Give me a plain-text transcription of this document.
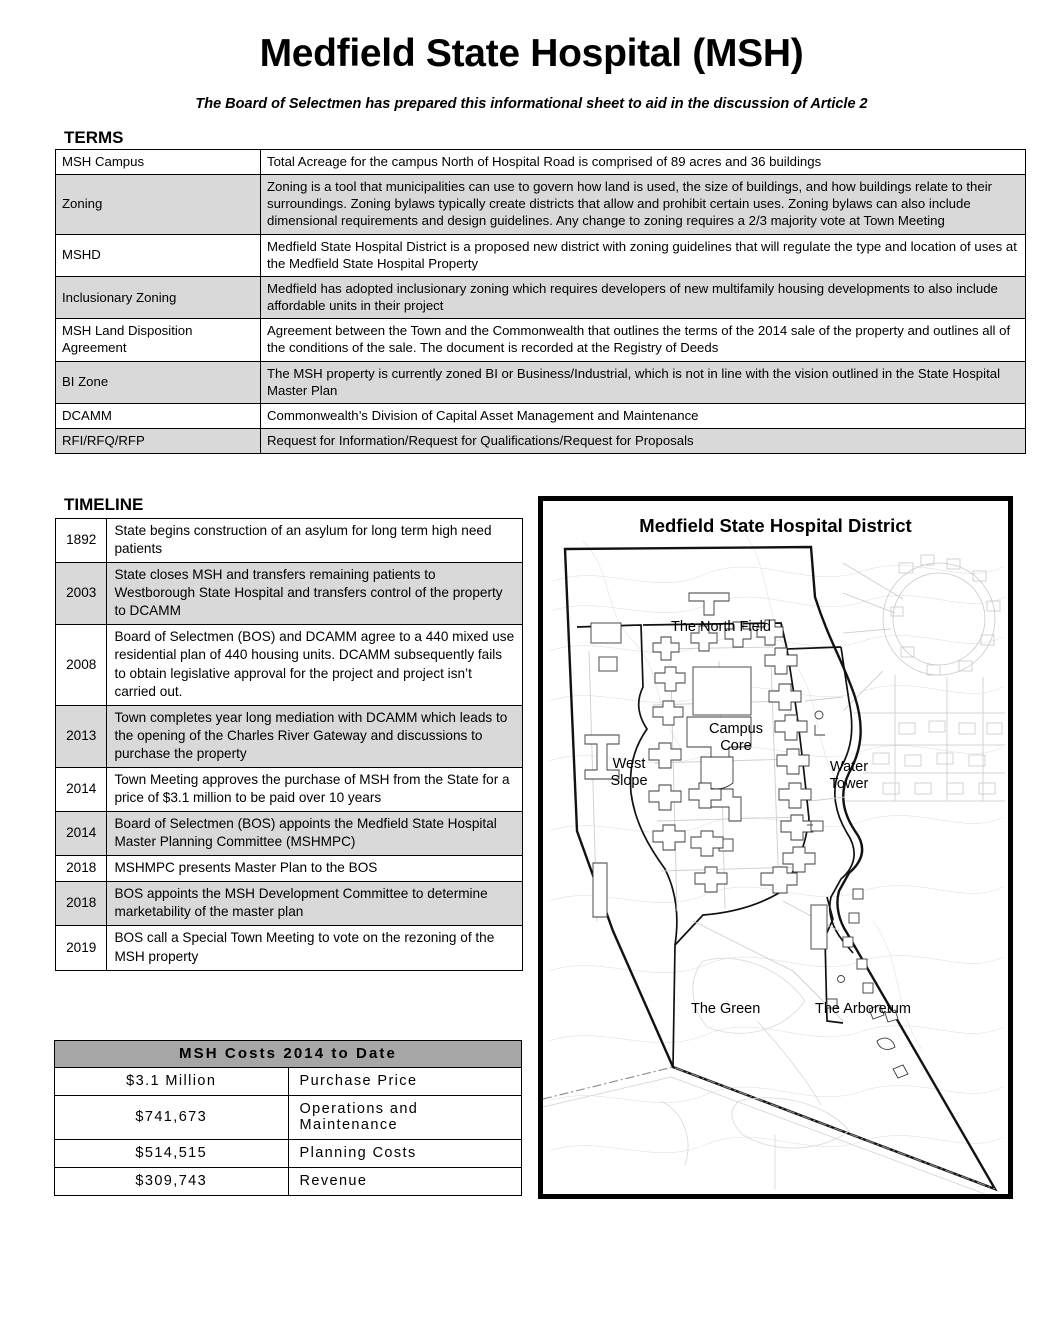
Medfield State Hospital (MSH)
The Board of Selectmen has prepared this informational sheet to aid in the discussion of Article 2
TERMS
MSH Campus	Total Acreage for the campus North of Hospital Road is comprised of 89 acres and 36 buildings
Zoning	Zoning is a tool that municipalities can use to govern how land is used, the size of buildings, and how buildings relate to their surroundings. Zoning bylaws typically create districts that allow and prohibit certain uses. Zoning bylaws can also include dimensional requirements and design guidelines. Any change to zoning requires a 2/3 majority vote at Town Meeting
MSHD	Medfield State Hospital District is a proposed new district with zoning guidelines that will regulate the type and location of uses at the Medfield State Hospital Property
Inclusionary Zoning	Medfield has adopted inclusionary zoning which requires developers of new multifamily housing developments to also include affordable units in their project
MSH Land Disposition Agreement	Agreement between the Town and the Commonwealth that outlines the terms of the 2014 sale of the property and outlines all of the conditions of the sale. The document is recorded at the Registry of Deeds
BI Zone	The MSH property is currently zoned BI or Business/Industrial, which is not in line with the vision outlined in the State Hospital Master Plan
DCAMM	Commonwealth’s Division of Capital Asset Management and Maintenance
RFI/RFQ/RFP	Request for Information/Request for Qualifications/Request for Proposals
TIMELINE
1892	State begins construction of an asylum for long term high need patients
2003	State closes MSH and transfers remaining patients to Westborough State Hospital and transfers control of the property to DCAMM
2008	Board of Selectmen (BOS) and DCAMM agree to a 440 mixed use residential plan of 440 housing units. DCAMM subsequently fails to obtain legislative approval for the project and project isn’t carried out.
2013	Town completes year long mediation with DCAMM which leads to the opening of the Charles River Gateway and discussions to purchase the property
2014	Town Meeting approves the purchase of MSH from the State for a price of $3.1 million to be paid over 10 years
2014	Board of Selectmen (BOS) appoints the Medfield State Hospital Master Planning Committee (MSHMPC)
2018	MSHMPC presents Master Plan to the BOS
2018	BOS appoints the MSH Development Committee to determine marketability of the master plan
2019	BOS call a Special Town Meeting to vote on the rezoning of the MSH property
MSH Costs 2014 to Date	
$3.1 Million	Purchase Price
$741,673	Operations and Maintenance
$514,515	Planning Costs
$309,743	Revenue
Medfield State Hospital District
The North Field
Campus Core
West Slope
Water Tower
The Green	The Arboretum
